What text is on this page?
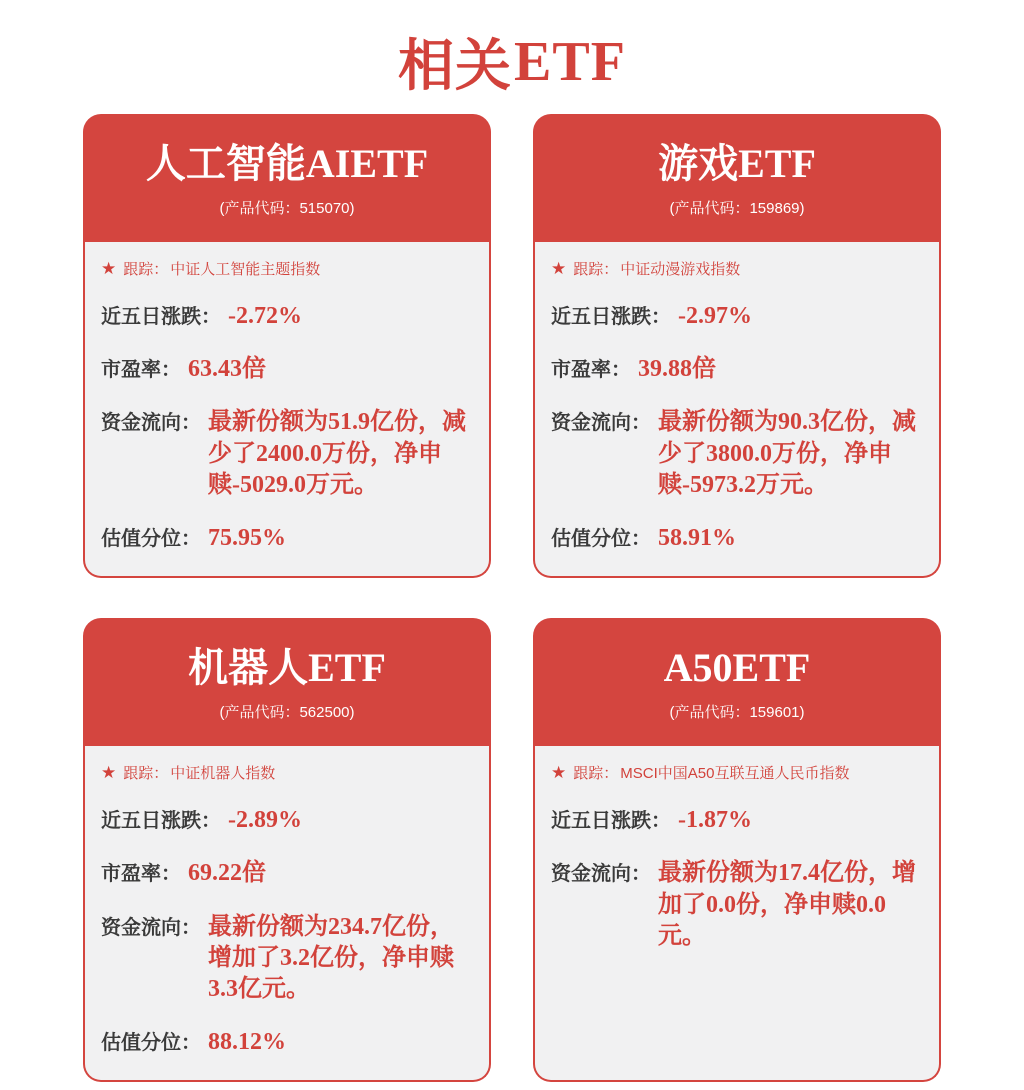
相关 ETF
人工智能AIETF
(产品代码：515070)
★ 跟踪： 中证人工智能主题指数
近五日涨跌： -2.72%
市盈率： 63.43倍
资金流向： 最新份额为51.9亿份，减少了2400.0万份，净申赎-5029.0万元。
估值分位： 75.95%
游戏ETF
(产品代码：159869)
★ 跟踪： 中证动漫游戏指数
近五日涨跌： -2.97%
市盈率： 39.88倍
资金流向： 最新份额为90.3亿份，减少了3800.0万份，净申赎-5973.2万元。
估值分位： 58.91%
机器人ETF
(产品代码：562500)
★ 跟踪： 中证机器人指数
近五日涨跌： -2.89%
市盈率： 69.22倍
资金流向： 最新份额为234.7亿份，增加了3.2亿份，净申赎3.3亿元。
估值分位： 88.12%
A50ETF
(产品代码：159601)
★ 跟踪： MSCI中国A50互联互通人民币指数
近五日涨跌： -1.87%
资金流向： 最新份额为17.4亿份，增加了0.0份，净申赎0.0元。
